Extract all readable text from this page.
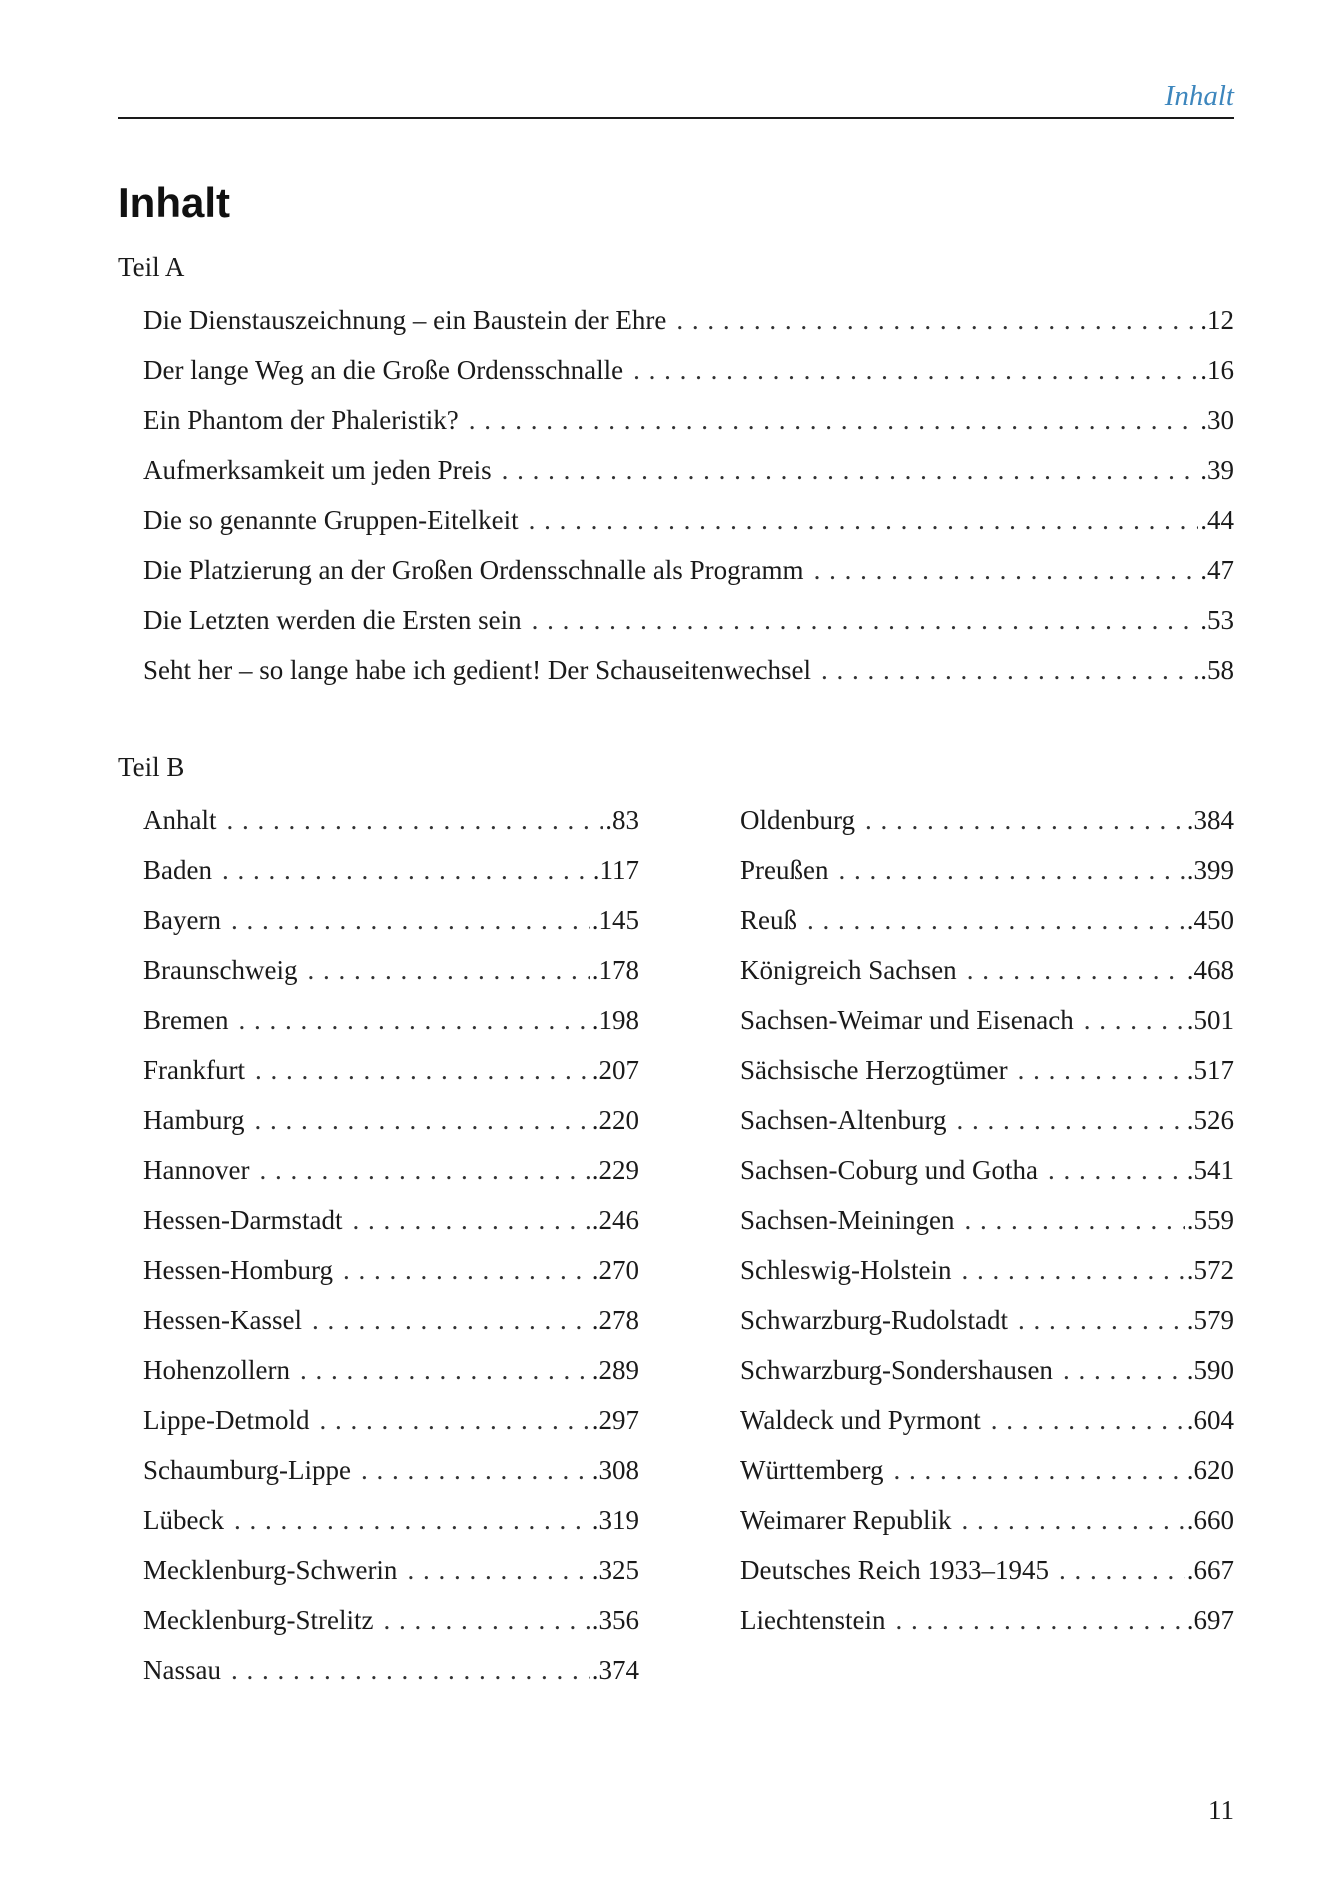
Inhalt
Inhalt
Teil A
Die Dienstauszeichnung – ein Baustein der Ehre . . .	.12
Der lange Weg an die Große Ordensschnalle . . .	.16
Ein Phantom der Phaleristik? . . .	.30
Aufmerksamkeit um jeden Preis . . .	.39
Die so genannte Gruppen-Eitelkeit . . .	.44
Die Platzierung an der Großen Ordensschnalle als Programm . . .	.47
Die Letzten werden die Ersten sein . . .	.53
Seht her – so lange habe ich gedient! Der Schauseitenwechsel . . .	.58
Teil B
Anhalt . . .	.83
Baden . . .	.117
Bayern . . .	.145
Braunschweig . . .	.178
Bremen . . .	.198
Frankfurt . . .	.207
Hamburg . . .	.220
Hannover . . .	.229
Hessen-Darmstadt . . .	.246
Hessen-Homburg . . .	.270
Hessen-Kassel . . .	.278
Hohenzollern . . .	.289
Lippe-Detmold . . .	.297
Schaumburg-Lippe . . .	.308
Lübeck . . .	.319
Mecklenburg-Schwerin . . .	.325
Mecklenburg-Strelitz . . .	.356
Nassau . . .	.374
Oldenburg . . .	.384
Preußen . . .	.399
Reuß . . .	.450
Königreich Sachsen . . .	.468
Sachsen-Weimar und Eisenach . . .	.501
Sächsische Herzogtümer . . .	.517
Sachsen-Altenburg . . .	.526
Sachsen-Coburg und Gotha . . .	.541
Sachsen-Meiningen . . .	.559
Schleswig-Holstein . . .	.572
Schwarzburg-Rudolstadt . . .	.579
Schwarzburg-Sondershausen . . .	.590
Waldeck und Pyrmont . . .	.604
Württemberg . . .	.620
Weimarer Republik . . .	.660
Deutsches Reich 1933–1945 . . .	.667
Liechtenstein . . .	.697
11
